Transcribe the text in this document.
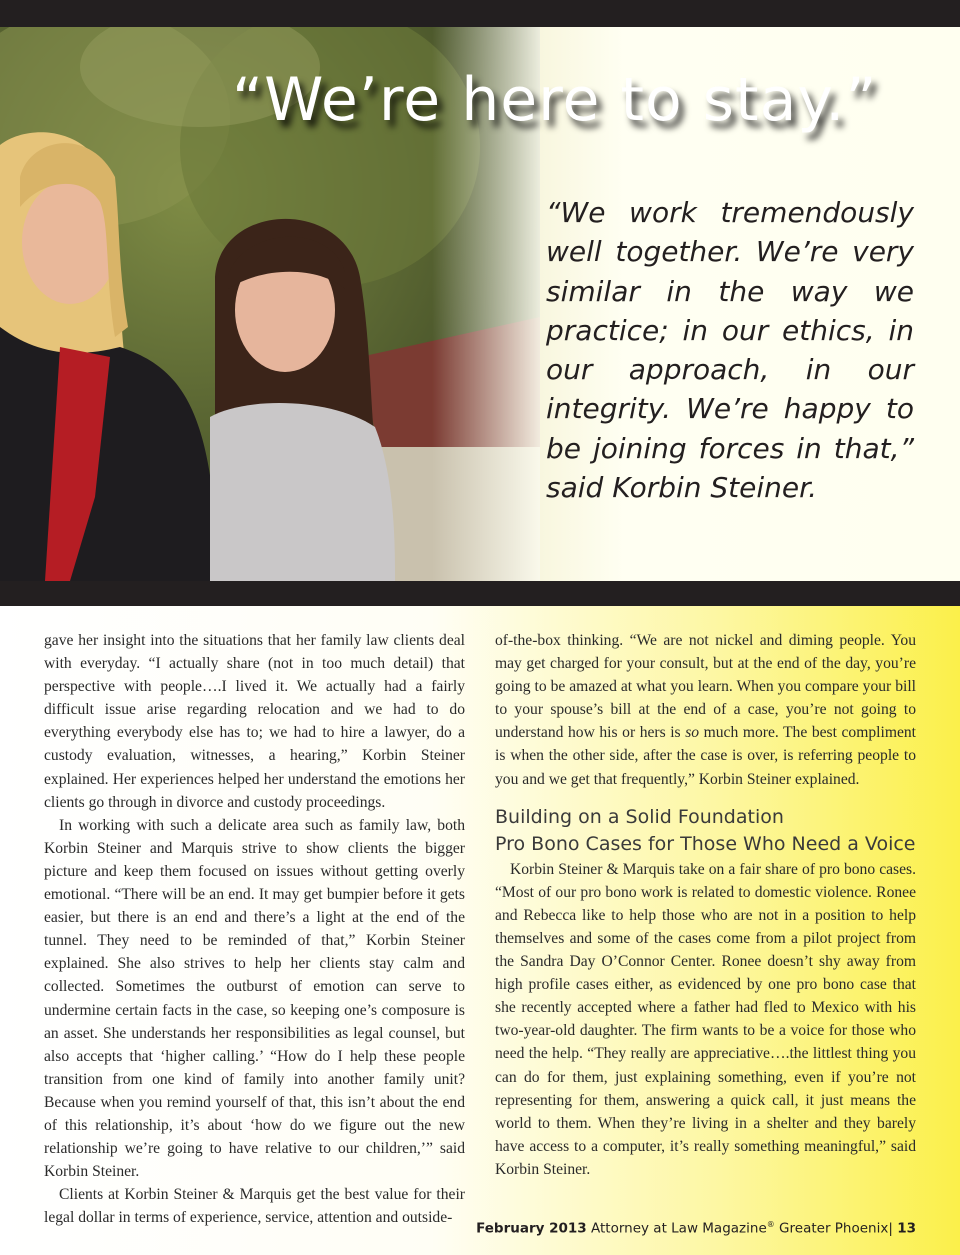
“We’re here to stay.”

“We work tremendously well together. We’re very similar in the way we practice; in our ethics, in our approach, in our integrity. We’re happy to be joining forces in that,” said Korbin Steiner.

gave her insight into the situations that her family law clients deal with everyday. “I actually share (not in too much detail) that perspective with people….I lived it. We actually had a fairly difficult issue arise regarding relocation and we had to do everything everybody else has to; we had to hire a lawyer, do a custody evaluation, witnesses, a hearing,” Korbin Steiner explained. Her experiences helped her understand the emotions her clients go through in divorce and custody proceedings.

In working with such a delicate area such as family law, both Korbin Steiner and Marquis strive to show clients the bigger picture and keep them focused on issues without getting overly emotional. “There will be an end. It may get bumpier before it gets easier, but there is an end and there’s a light at the end of the tunnel. They need to be reminded of that,” Korbin Steiner explained. She also strives to help her clients stay calm and collected. Sometimes the outburst of emotion can serve to undermine certain facts in the case, so keeping one’s composure is an asset. She understands her responsibilities as legal counsel, but also accepts that ‘higher calling.’ “How do I help these people transition from one kind of family into another family unit? Because when you remind yourself of that, this isn’t about the end of this relationship, it’s about ‘how do we figure out the new relationship we’re going to have relative to our children,’” said Korbin Steiner.

Clients at Korbin Steiner & Marquis get the best value for their legal dollar in terms of experience, service, attention and outside-

of-the-box thinking. “We are not nickel and diming people. You may get charged for your consult, but at the end of the day, you’re going to be amazed at what you learn. When you compare your bill to your spouse’s bill at the end of a case, you’re not going to understand how his or hers is so much more. The best compliment is when the other side, after the case is over, is referring people to you and we get that frequently,” Korbin Steiner explained.

Building on a Solid Foundation
Pro Bono Cases for Those Who Need a Voice

Korbin Steiner & Marquis take on a fair share of pro bono cases. “Most of our pro bono work is related to domestic violence. Ronee and Rebecca like to help those who are not in a position to help themselves and some of the cases come from a pilot project from the Sandra Day O’Connor Center. Ronee doesn’t shy away from high profile cases either, as evidenced by one pro bono case that she recently accepted where a father had fled to Mexico with his two-year-old daughter. The firm wants to be a voice for those who need the help. “They really are appreciative….the littlest thing you can do for them, just explaining something, even if you’re not representing for them, answering a quick call, it just means the world to them. When they’re living in a shelter and they barely have access to a computer, it’s really something meaningful,” said Korbin Steiner.

February 2013 Attorney at Law Magazine® Greater Phoenix| 13
